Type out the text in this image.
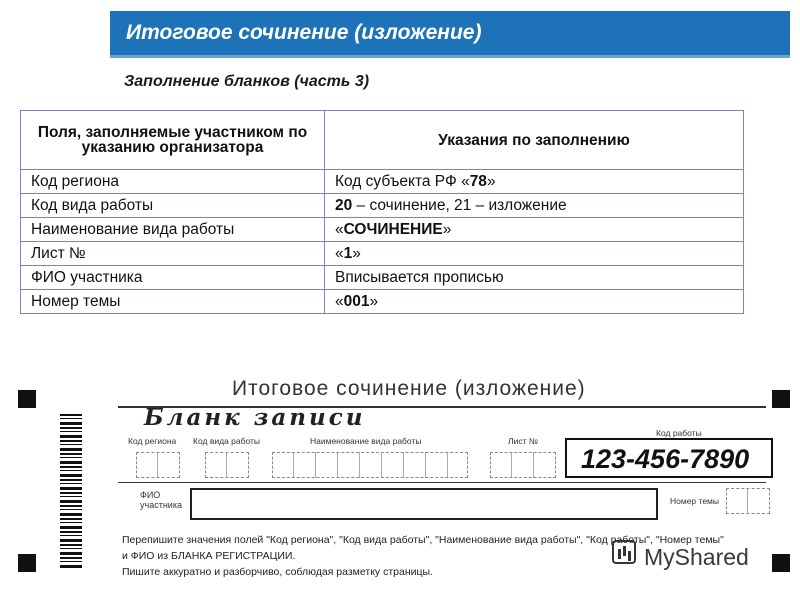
Итоговое сочинение (изложение)
Заполнение бланков (часть 3)
Поля, заполняемые участником по указанию организатора	Указания по заполнению
Код региона	Код субъекта РФ «78»
Код вида работы	20 – сочинение, 21 – изложение
Наименование вида работы	«СОЧИНЕНИЕ»
Лист №	«1»
ФИО участника	Вписывается прописью
Номер темы	«001»
Итоговое сочинение (изложение)
Бланк записи
Код региона Код вида работы	Наименование вида работы	Лист №
Код работы
123-456-7890
ФИО участника	Номер темы
Перепишите значения полей "Код региона", "Код вида работы", "Наименование вида работы", "Код работы", "Номер темы"
и ФИО из БЛАНКА РЕГИСТРАЦИИ.
Пишите аккуратно и разборчиво, соблюдая разметку страницы.
MyShared
